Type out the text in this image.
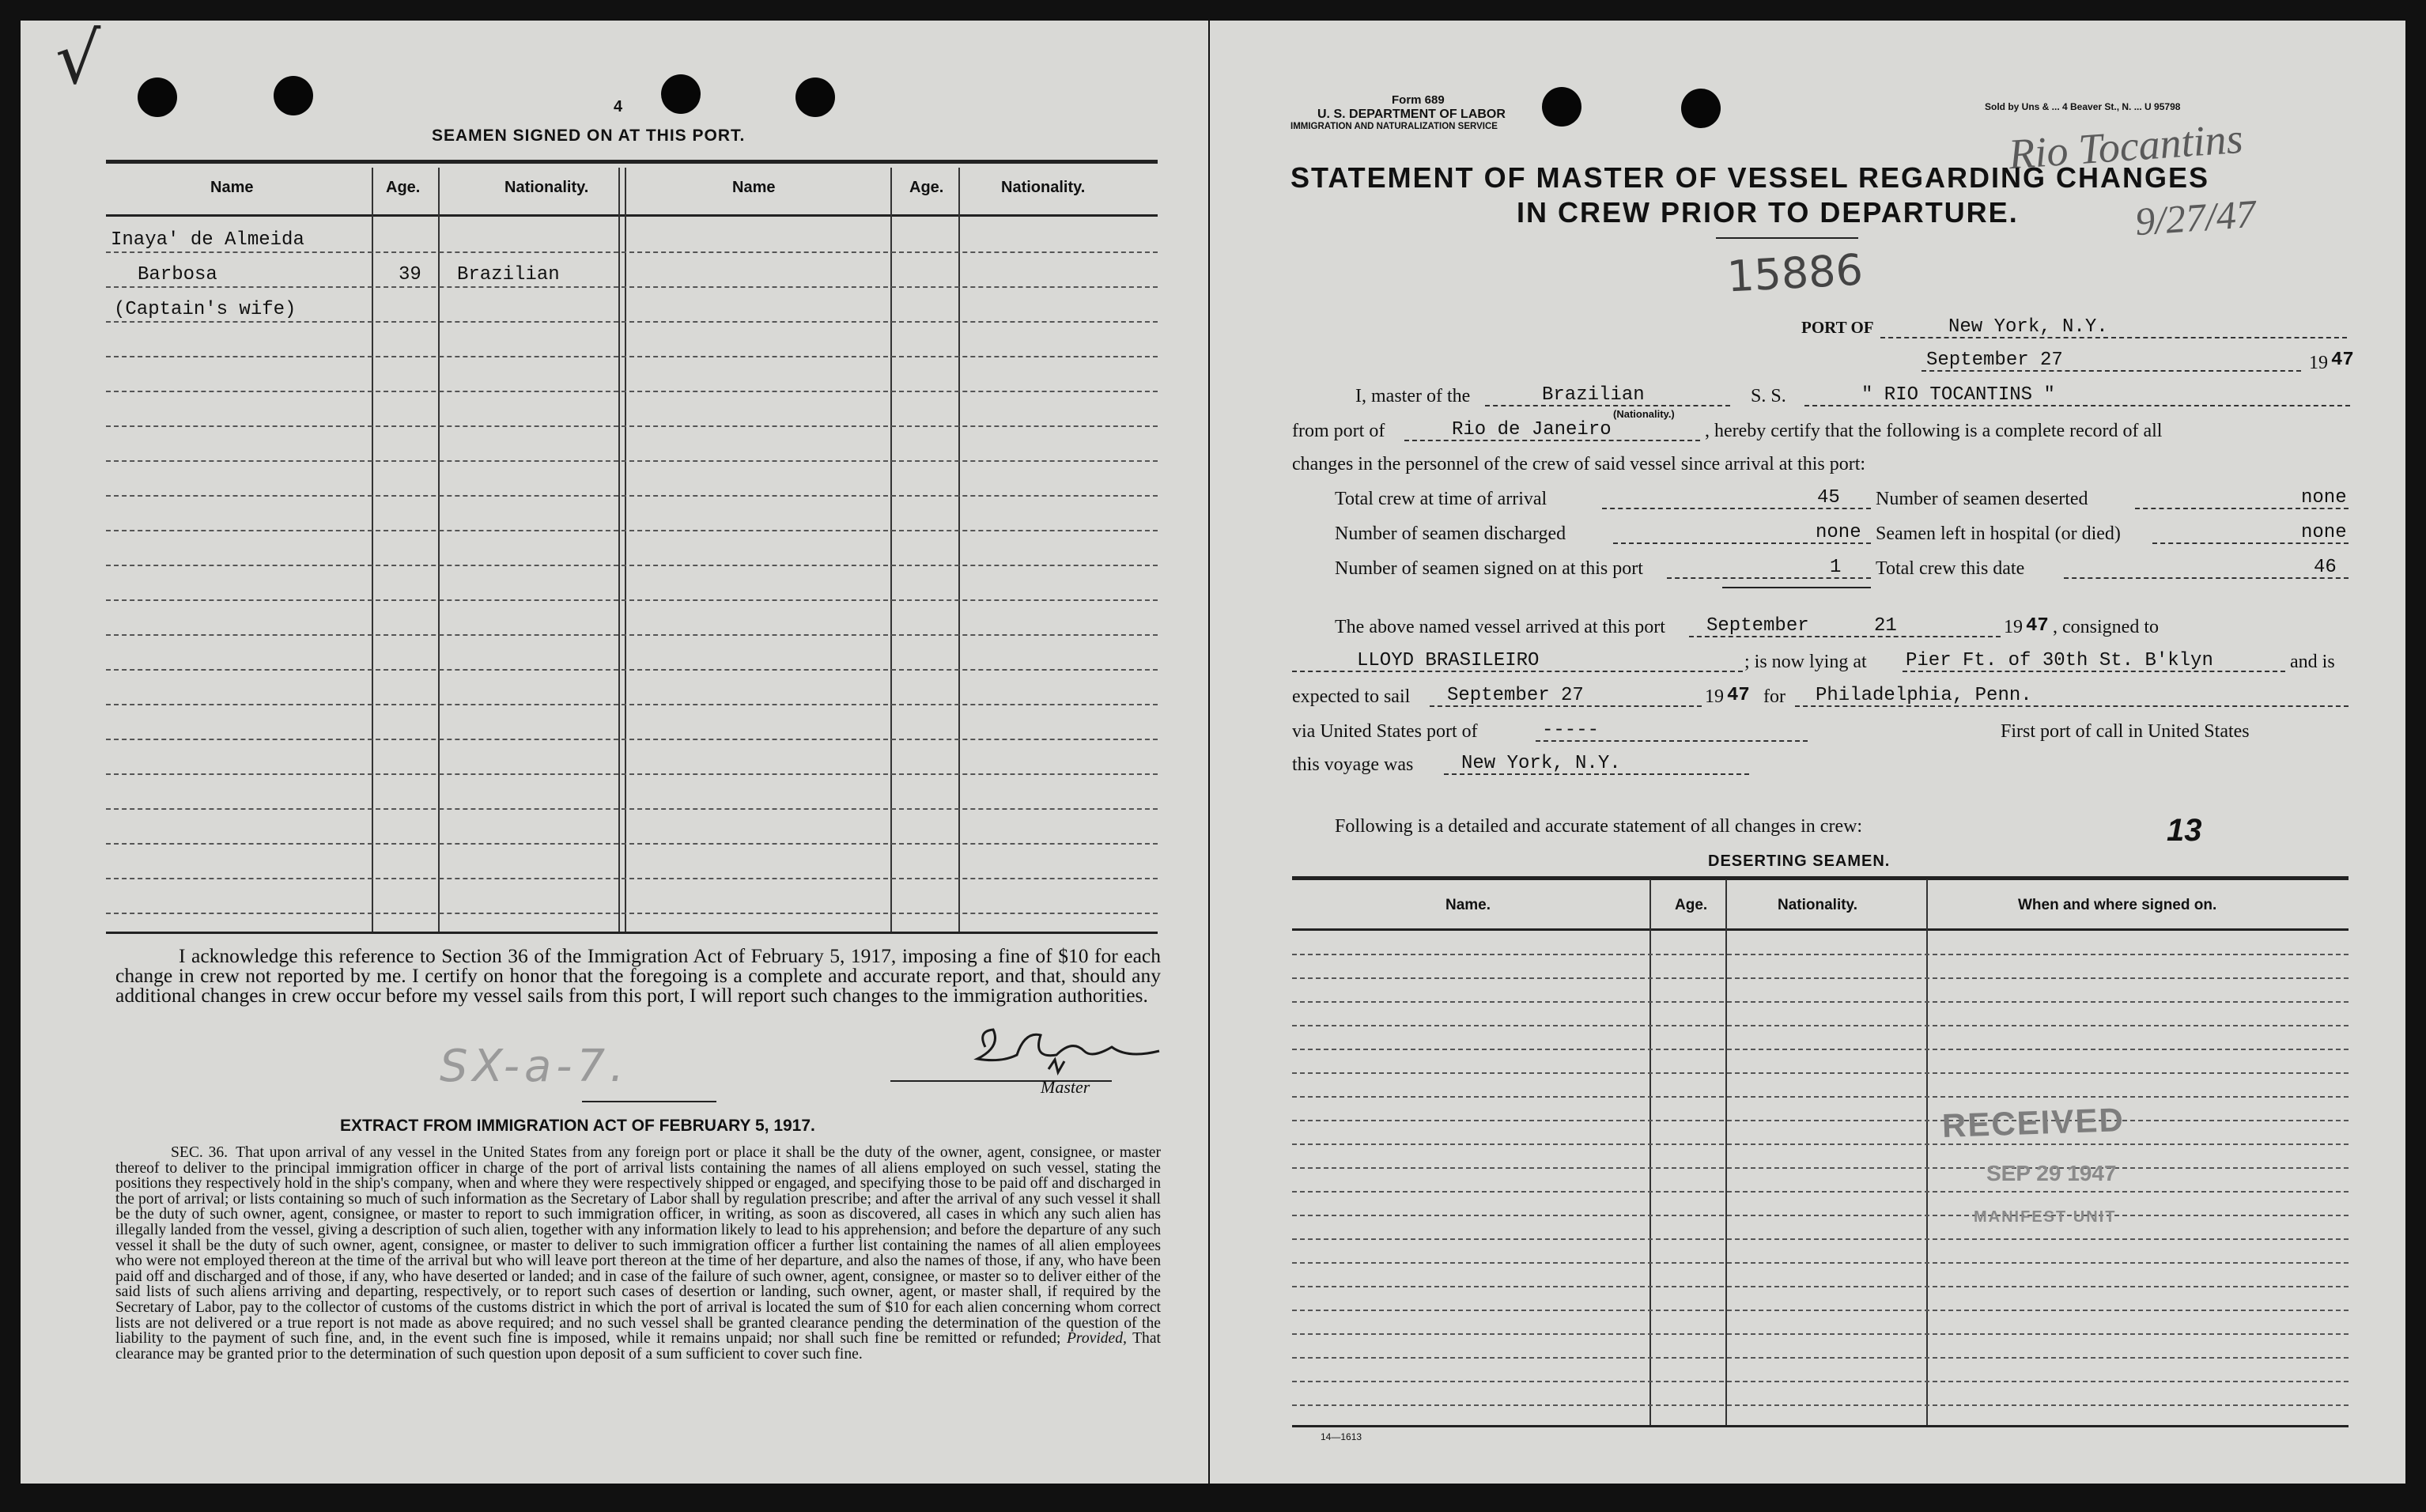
√
4
SEAMEN SIGNED ON AT THIS PORT.
Name	Age.	Nationality.	Name	Age.	Nationality.
Inaya' de Almeida
Barbosa	39 Brazilian
(Captain's wife)
I acknowledge this reference to Section 36 of the Immigration Act of February 5, 1917, imposing a fine of $10 for each change in crew not reported by me. I certify on honor that the foregoing is a complete and accurate report, and that, should any additional changes in crew occur before my vessel sails from this port, I will report such changes to the immigration authorities.
SX-a-7.	Master
EXTRACT FROM IMMIGRATION ACT OF FEBRUARY 5, 1917.
SEC. 36. That upon arrival of any vessel in the United States from any foreign port or place it shall be the duty of the owner, agent, consignee, or master thereof to deliver to the principal immigration officer in charge of the port of arrival lists containing the names of all aliens employed on such vessel, stating the positions they respectively hold in the ship's company, when and where they were respectively shipped or engaged, and specifying those to be paid off and discharged in the port of arrival; or lists containing so much of such information as the Secretary of Labor shall by regulation prescribe; and after the arrival of any such vessel it shall be the duty of such owner, agent, consignee, or master to report to such immigration officer, in writing, as soon as discovered, all cases in which any such alien has illegally landed from the vessel, giving a description of such alien, together with any information likely to lead to his apprehension; and before the departure of any such vessel it shall be the duty of such owner, agent, consignee, or master to deliver to such immigration officer a further list containing the names of all alien employees who were not employed thereon at the time of the arrival but who will leave port thereon at the time of her departure, and also the names of those, if any, who have been paid off and discharged and of those, if any, who have deserted or landed; and in case of the failure of such owner, agent, consignee, or master so to deliver either of the said lists of such aliens arriving and departing, respectively, or to report such cases of desertion or landing, such owner, agent, or master shall, if required by the Secretary of Labor, pay to the collector of customs of the customs district in which the port of arrival is located the sum of $10 for each alien concerning whom correct lists are not delivered or a true report is not made as above required; and no such vessel shall be granted clearance pending the determination of the question of the liability to the payment of such fine, and, in the event such fine is imposed, while it remains unpaid; nor shall such fine be remitted or refunded; Provided, That clearance may be granted prior to the determination of such question upon deposit of a sum sufficient to cover such fine.
Form 689
U. S. DEPARTMENT OF LABOR
IMMIGRATION AND NATURALIZATION SERVICE
Sold by Uns & ... 4 Beaver St., N. ... U 95798
Rio Tocantins
9/27/47
STATEMENT OF MASTER OF VESSEL REGARDING CHANGES
IN CREW PRIOR TO DEPARTURE.
15886
PORT OF	New York, N.Y.
September 27	19 47
I, master of the	Brazilian
(Nationality.)
S. S.	" RIO TOCANTINS "
from port of	Rio de Janeiro	, hereby certify that the following is a complete record of all
changes in the personnel of the crew of said vessel since arrival at this port:
Total crew at time of arrival	45 Number of seamen deserted	none
Number of seamen discharged	none Seamen left in hospital (or died)	none
Number of seamen signed on at this port	1 Total crew this date	46
The above named vessel arrived at this port September	21	19 47 , consigned to
LLOYD BRASILEIRO	; is now lying at Pier Ft. of 30th St. B'klyn	and is
expected to sail September 27	19 47 for Philadelphia, Penn.
via United States port of	-----	First port of call in United States
this voyage was	New York, N.Y.
Following is a detailed and accurate statement of all changes in crew:	13
DESERTING SEAMEN.
Name.	Age.	Nationality.	When and where signed on.
RECEIVED
SEP 29 1947
MANIFEST UNIT
14—1613
